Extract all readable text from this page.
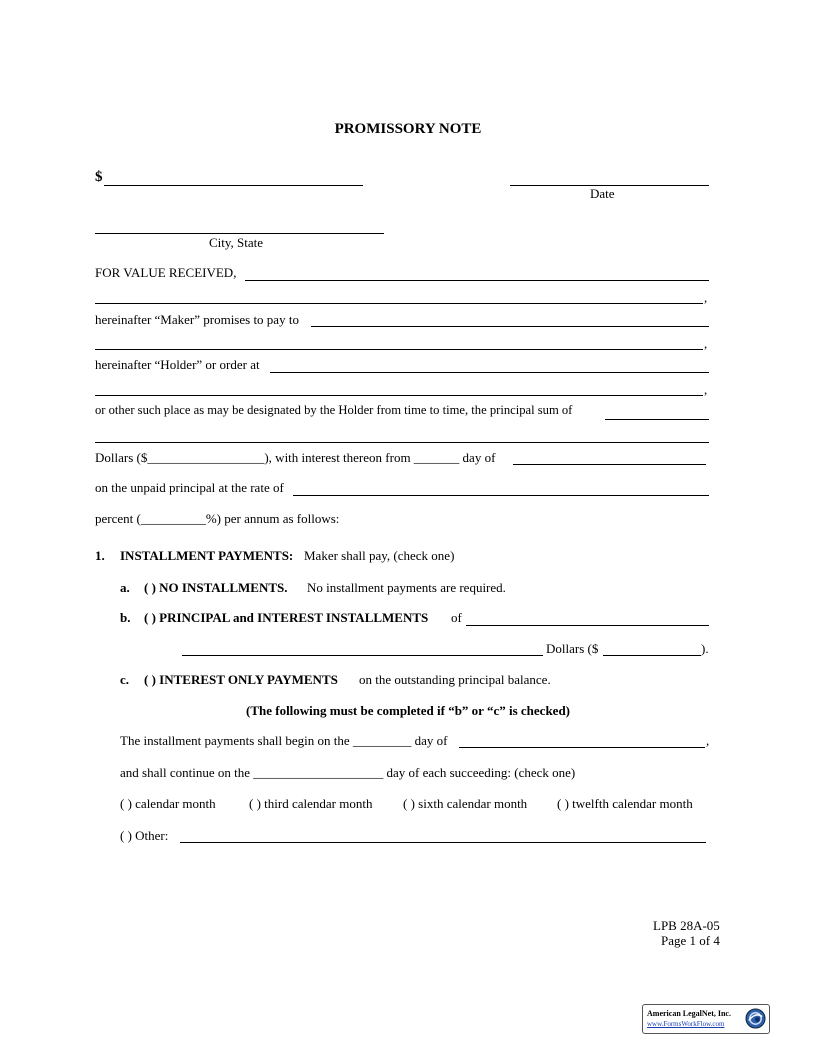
PROMISSORY NOTE
$
Date
City, State
FOR VALUE RECEIVED,
,
hereinafter “Maker” promises to pay to
,
hereinafter “Holder” or order at
,
or other such place as may be designated by the Holder from time to time, the principal sum of
Dollars ($__________________), with interest thereon from _______ day of
on the unpaid principal at the rate of
percent (__________%) per annum as follows:
1. INSTALLMENT PAYMENTS: Maker shall pay, (check one)
a. ( ) NO INSTALLMENTS. No installment payments are required.
b. ( ) PRINCIPAL and INTEREST INSTALLMENTS of
Dollars ($	).
c. ( ) INTEREST ONLY PAYMENTS on the outstanding principal balance.
(The following must be completed if “b” or “c” is checked)
The installment payments shall begin on the _________ day of	,
and shall continue on the ____________________ day of each succeeding: (check one)
( ) calendar month	( ) third calendar month ( ) sixth calendar month ( ) twelfth calendar month
( ) Other:
LPB 28A-05
Page 1 of 4
American LegalNet, Inc.
www.FormsWorkFlow.com
